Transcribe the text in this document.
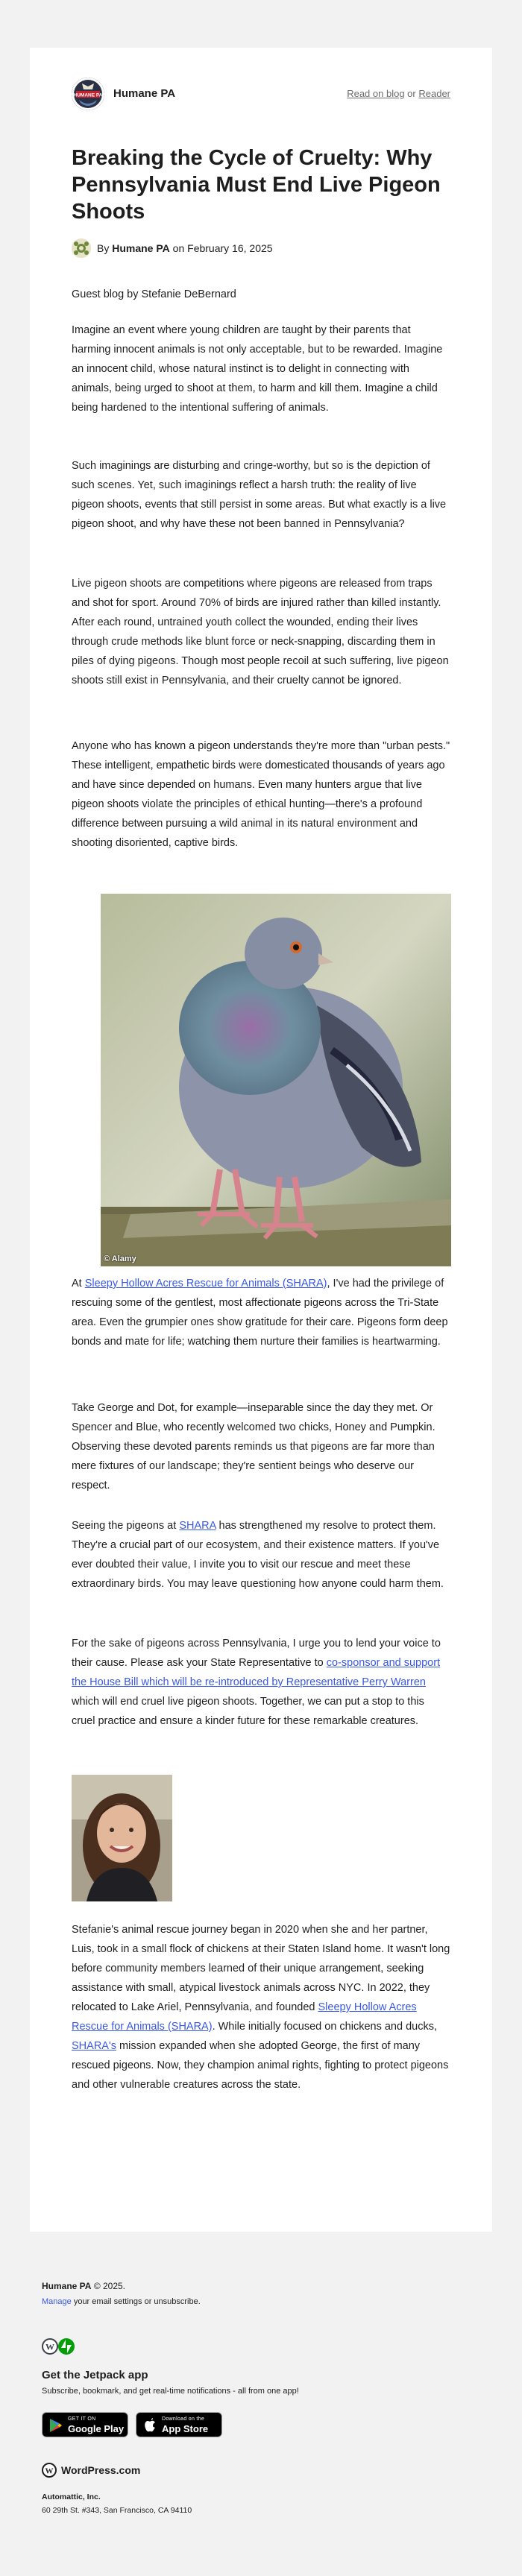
HUMANE PA Humane PA	Read on blog or Reader
Breaking the Cycle of Cruelty: Why Pennsylvania Must End Live Pigeon Shoots
By Humane PA on February 16, 2025

Guest blog by Stefanie DeBernard

Imagine an event where young children are taught by their parents that harming innocent animals is not only acceptable, but to be rewarded. Imagine an innocent child, whose natural instinct is to delight in connecting with animals, being urged to shoot at them, to harm and kill them. Imagine a child being hardened to the intentional suffering of animals.

Such imaginings are disturbing and cringe-worthy, but so is the depiction of such scenes. Yet, such imaginings reflect a harsh truth: the reality of live pigeon shoots, events that still persist in some areas. But what exactly is a live pigeon shoot, and why have these not been banned in Pennsylvania?

Live pigeon shoots are competitions where pigeons are released from traps and shot for sport. Around 70% of birds are injured rather than killed instantly. After each round, untrained youth collect the wounded, ending their lives through crude methods like blunt force or neck-snapping, discarding them in piles of dying pigeons. Though most people recoil at such suffering, live pigeon shoots still exist in Pennsylvania, and their cruelty cannot be ignored.

Anyone who has known a pigeon understands they're more than "urban pests." These intelligent, empathetic birds were domesticated thousands of years ago and have since depended on humans. Even many hunters argue that live pigeon shoots violate the principles of ethical hunting—there's a profound difference between pursuing a wild animal in its natural environment and shooting disoriented, captive birds.

© Alamy

At Sleepy Hollow Acres Rescue for Animals (SHARA), I've had the privilege of rescuing some of the gentlest, most affectionate pigeons across the Tri-State area. Even the grumpier ones show gratitude for their care. Pigeons form deep bonds and mate for life; watching them nurture their families is heartwarming.

Take George and Dot, for example—inseparable since the day they met. Or Spencer and Blue, who recently welcomed two chicks, Honey and Pumpkin. Observing these devoted parents reminds us that pigeons are far more than mere fixtures of our landscape; they're sentient beings who deserve our respect.

Seeing the pigeons at SHARA has strengthened my resolve to protect them. They're a crucial part of our ecosystem, and their existence matters. If you've ever doubted their value, I invite you to visit our rescue and meet these extraordinary birds. You may leave questioning how anyone could harm them.

For the sake of pigeons across Pennsylvania, I urge you to lend your voice to their cause. Please ask your State Representative to co-sponsor and support the House Bill which will be re-introduced by Representative Perry Warren which will end cruel live pigeon shoots. Together, we can put a stop to this cruel practice and ensure a kinder future for these remarkable creatures.

Stefanie's animal rescue journey began in 2020 when she and her partner, Luis, took in a small flock of chickens at their Staten Island home. It wasn't long before community members learned of their unique arrangement, seeking assistance with small, atypical livestock animals across NYC. In 2022, they relocated to Lake Ariel, Pennsylvania, and founded Sleepy Hollow Acres Rescue for Animals (SHARA). While initially focused on chickens and ducks, SHARA's mission expanded when she adopted George, the first of many rescued pigeons. Now, they champion animal rights, fighting to protect pigeons and other vulnerable creatures across the state.

Humane PA © 2025.
Manage your email settings or unsubscribe.
W
Get the Jetpack app
Subscribe, bookmark, and get real-time notifications - all from one app!
GET IT ON
Google Play
Download on the
App Store
W WordPress.com
Automattic, Inc.
60 29th St. #343, San Francisco, CA 94110
